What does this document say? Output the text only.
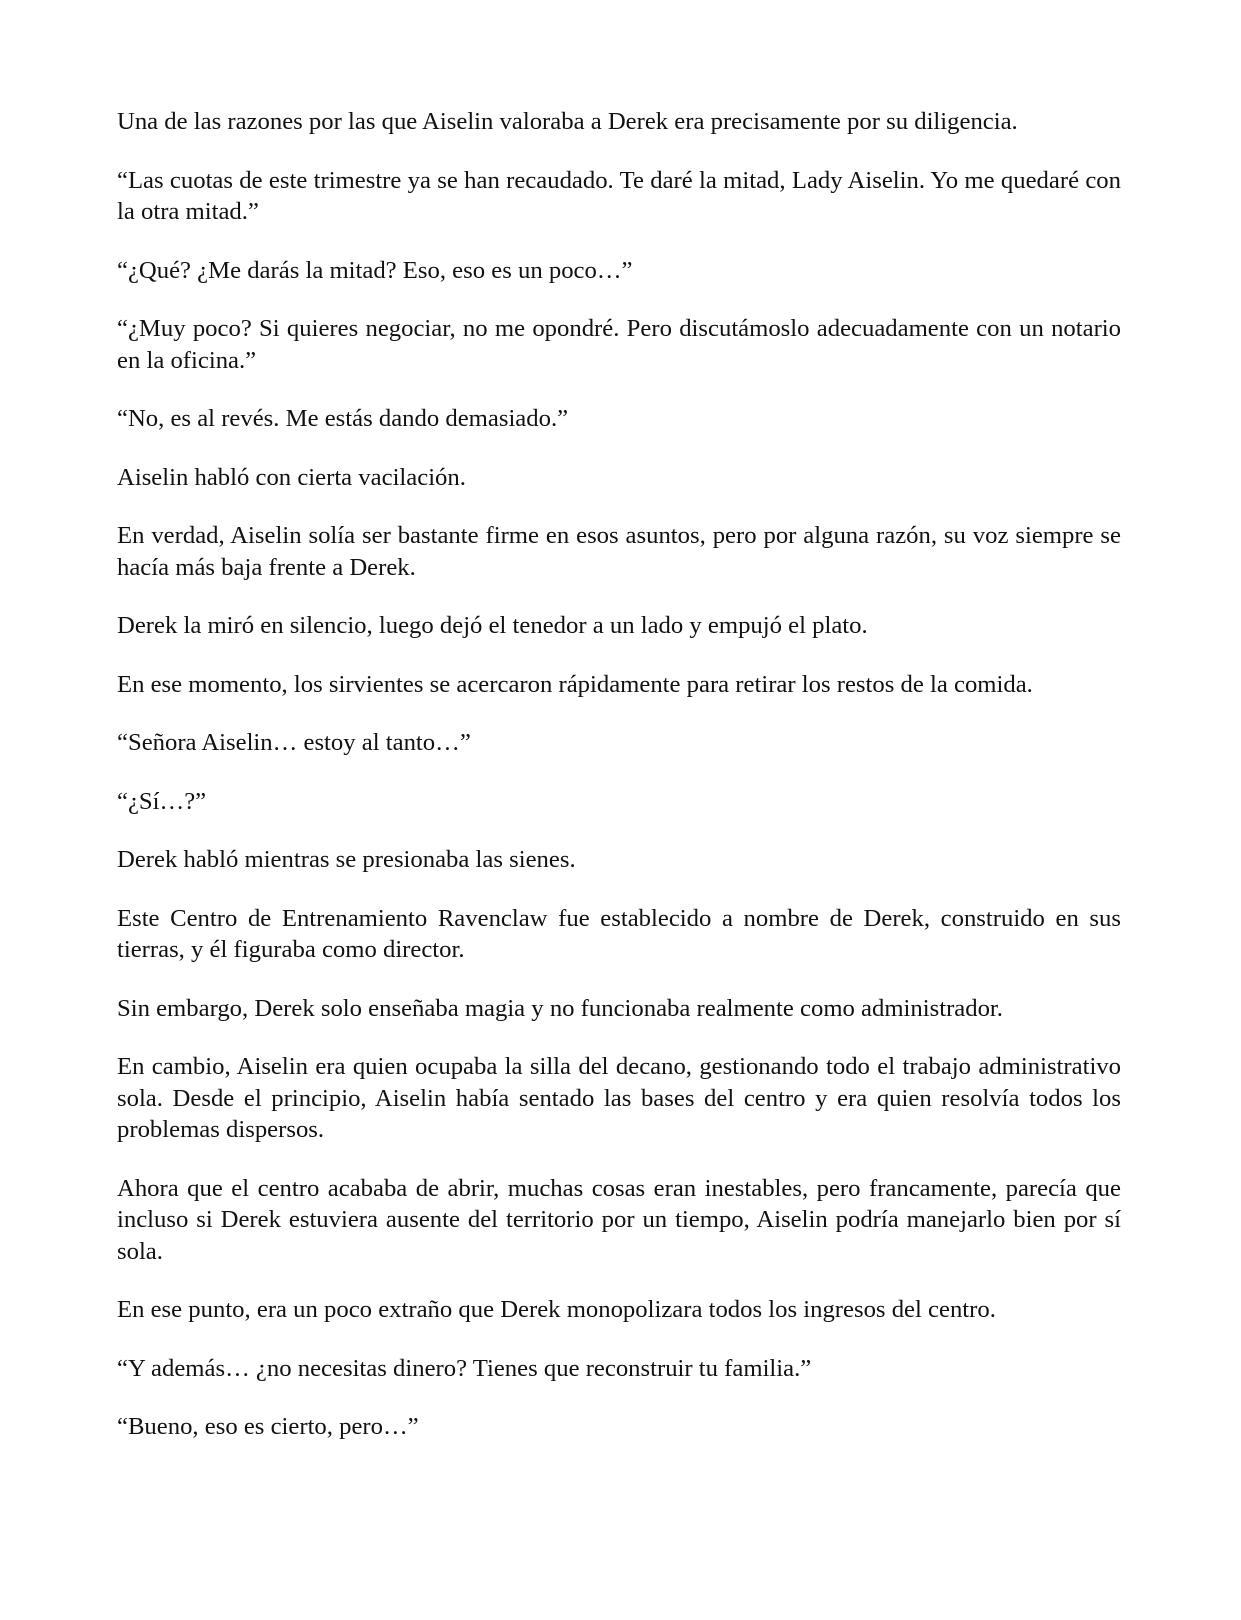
Una de las razones por las que Aiselin valoraba a Derek era precisamente por su diligencia.

“Las cuotas de este trimestre ya se han recaudado. Te daré la mitad, Lady Aiselin. Yo me quedaré con la otra mitad.”

“¿Qué? ¿Me darás la mitad? Eso, eso es un poco…”

“¿Muy poco? Si quieres negociar, no me opondré. Pero discutámoslo adecuadamente con un notario en la oficina.”

“No, es al revés. Me estás dando demasiado.”

Aiselin habló con cierta vacilación.

En verdad, Aiselin solía ser bastante firme en esos asuntos, pero por alguna razón, su voz siempre se hacía más baja frente a Derek.

Derek la miró en silencio, luego dejó el tenedor a un lado y empujó el plato.

En ese momento, los sirvientes se acercaron rápidamente para retirar los restos de la comida.

“Señora Aiselin… estoy al tanto…”

“¿Sí…?”

Derek habló mientras se presionaba las sienes.

Este Centro de Entrenamiento Ravenclaw fue establecido a nombre de Derek, construido en sus tierras, y él figuraba como director.

Sin embargo, Derek solo enseñaba magia y no funcionaba realmente como administrador.

En cambio, Aiselin era quien ocupaba la silla del decano, gestionando todo el trabajo administrativo sola. Desde el principio, Aiselin había sentado las bases del centro y era quien resolvía todos los problemas dispersos.

Ahora que el centro acababa de abrir, muchas cosas eran inestables, pero francamente, parecía que incluso si Derek estuviera ausente del territorio por un tiempo, Aiselin podría manejarlo bien por sí sola.

En ese punto, era un poco extraño que Derek monopolizara todos los ingresos del centro.

“Y además… ¿no necesitas dinero? Tienes que reconstruir tu familia.”

“Bueno, eso es cierto, pero…”
